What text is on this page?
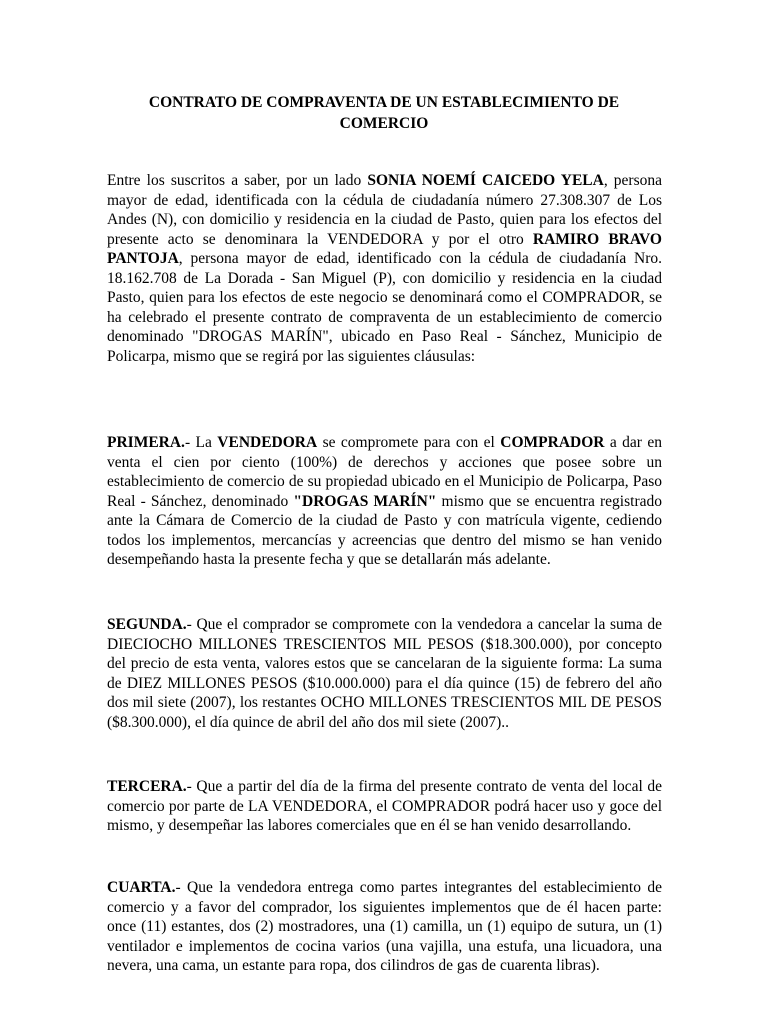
CONTRATO DE COMPRAVENTA DE UN ESTABLECIMIENTO DE
COMERCIO
Entre los suscritos a saber, por un lado SONIA NOEMÍ CAICEDO YELA, persona mayor de edad, identificada con la cédula de ciudadanía número 27.308.307 de Los Andes (N), con domicilio y residencia en la ciudad de Pasto, quien para los efectos del presente acto se denominara la VENDEDORA y por el otro RAMIRO BRAVO PANTOJA, persona mayor de edad, identificado con la cédula de ciudadanía Nro. 18.162.708 de La Dorada - San Miguel (P), con domicilio y residencia en la ciudad Pasto, quien para los efectos de este negocio se denominará como el COMPRADOR, se ha celebrado el presente contrato de compraventa de un establecimiento de comercio denominado "DROGAS MARÍN", ubicado en Paso Real - Sánchez, Municipio de Policarpa, mismo que se regirá por las siguientes cláusulas:
PRIMERA.- La VENDEDORA se compromete para con el COMPRADOR a dar en venta el cien por ciento (100%) de derechos y acciones que posee sobre un establecimiento de comercio de su propiedad ubicado en el Municipio de Policarpa, Paso Real - Sánchez, denominado "DROGAS MARÍN" mismo que se encuentra registrado ante la Cámara de Comercio de la ciudad de Pasto y con matrícula vigente, cediendo todos los implementos, mercancías y acreencias que dentro del mismo se han venido desempeñando hasta la presente fecha y que se detallarán más adelante.
SEGUNDA.- Que el comprador se compromete con la vendedora a cancelar la suma de DIECIOCHO MILLONES TRESCIENTOS MIL PESOS ($18.300.000), por concepto del precio de esta venta, valores estos que se cancelaran de la siguiente forma: La suma de DIEZ MILLONES PESOS ($10.000.000) para el día quince (15) de febrero del año dos mil siete (2007), los restantes OCHO MILLONES TRESCIENTOS MIL DE PESOS ($8.300.000), el día quince de abril del año dos mil siete (2007)..
TERCERA.- Que a partir del día de la firma del presente contrato de venta del local de comercio por parte de LA VENDEDORA, el COMPRADOR podrá hacer uso y goce del mismo, y desempeñar las labores comerciales que en él se han venido desarrollando.
CUARTA.- Que la vendedora entrega como partes integrantes del establecimiento de comercio y a favor del comprador, los siguientes implementos que de él hacen parte: once (11) estantes, dos (2) mostradores, una (1) camilla, un (1) equipo de sutura, un (1) ventilador e implementos de cocina varios (una vajilla, una estufa, una licuadora, una nevera, una cama, un estante para ropa, dos cilindros de gas de cuarenta libras).
